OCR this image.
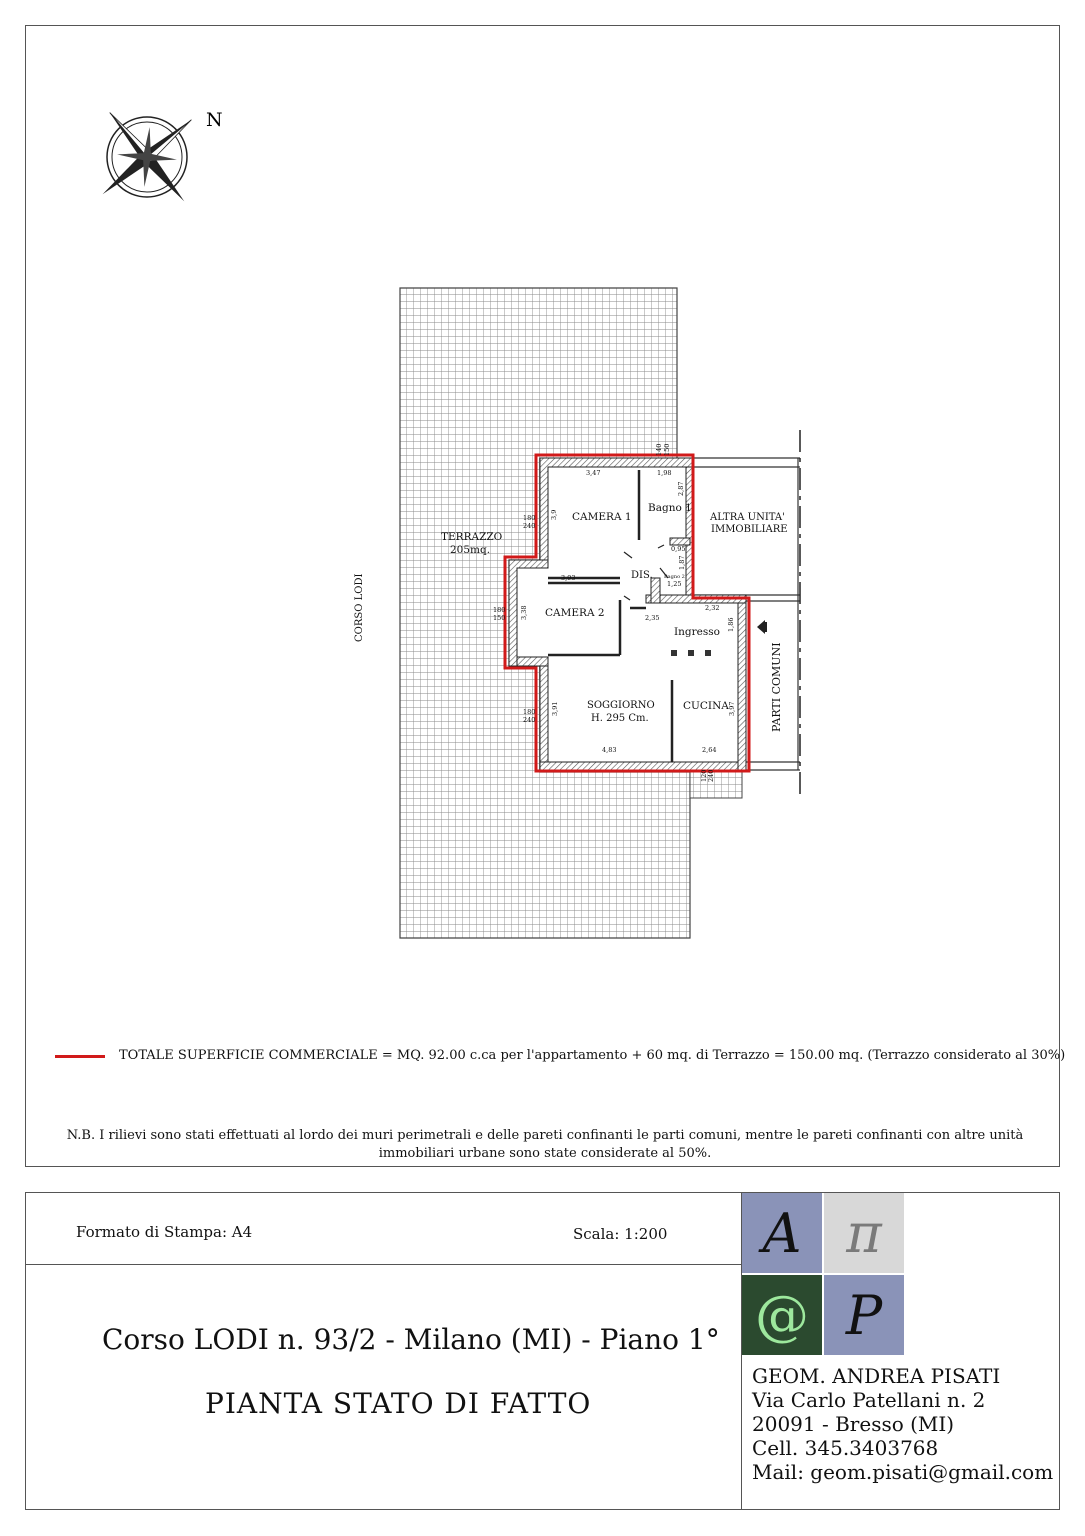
N
CORSO LODI
PARTI COMUNI
TERRAZZO
205mq.
CAMERA 1
Bagno 1
ALTRA UNITA'
IMMOBILIARE
DIS. Bagno 2
CAMERA 2
Ingresso
SOGGIORNO
H. 295 Cm.
CUCINA
3,47	1,98
2,87
3,9
0,95
1,87
1,25
3,93
3,38	2,32
2,35	1,86
3,91	3,97
4,83	2,64
180
240
180
150
180
240
120 240
140 150
TOTALE SUPERFICIE COMMERCIALE = MQ. 92.00 c.ca per l'appartamento + 60 mq. di Terrazzo = 150.00 mq. (Terrazzo considerato al 30%)
N.B. I rilievi sono stati effettuati al lordo dei muri perimetrali e delle pareti confinanti le parti comuni, mentre le pareti confinanti con altre unità immobiliari urbane sono state considerate al 50%.
Formato di Stampa: A4	Scala: 1:200
Corso LODI n. 93/2 - Milano (MI) - Piano 1°
PIANTA STATO DI FATTO
A π
@ P
GEOM. ANDREA PISATI
Via Carlo Patellani n. 2
20091 - Bresso (MI)
Cell. 345.3403768
Mail: geom.pisati@gmail.com
